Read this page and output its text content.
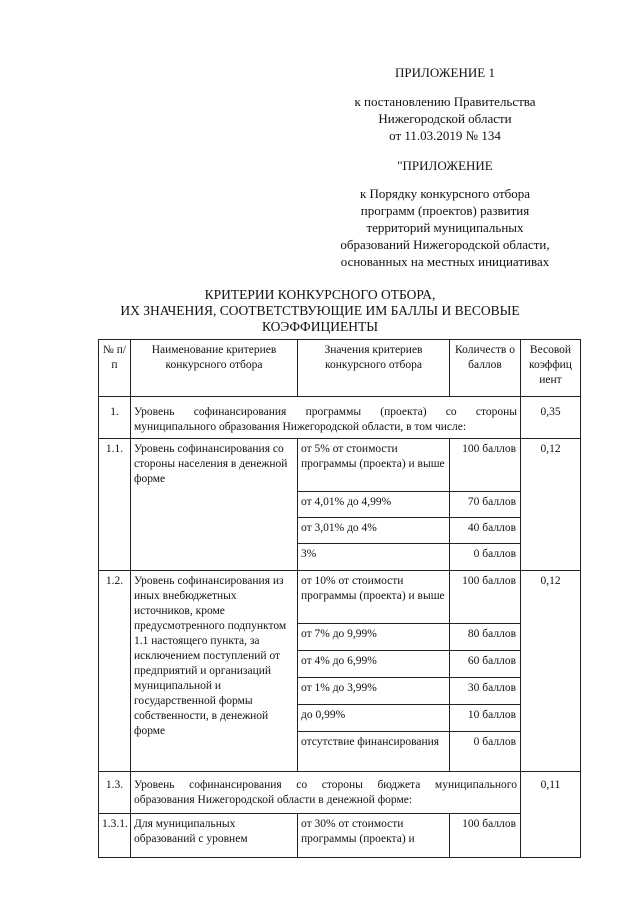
ПРИЛОЖЕНИЕ 1
к постановлению Правительства
Нижегородской области
от 11.03.2019 № 134
"ПРИЛОЖЕНИЕ
к Порядку конкурсного отбора
программ (проектов) развития
территорий муниципальных
образований Нижегородской области,
основанных на местных инициативах
КРИТЕРИИ КОНКУРСНОГО ОТБОРА,
ИХ ЗНАЧЕНИЯ, СООТВЕТСТВУЮЩИЕ ИМ БАЛЛЫ И ВЕСОВЫЕ
КОЭФФИЦИЕНТЫ
№ п/п	Наименование критериев конкурсного отбора	Значения критериев конкурсного отбора	Количеств о баллов	Весовой коэффиц иент
1.	Уровень софинансирования программы (проекта) со стороны муниципального образования Нижегородской области, в том числе:			0,35
1.1.	Уровень софинансирования со стороны населения в денежной форме	от 5% от стоимости программы (проекта) и выше	100 баллов	0,12
		от 4,01% до 4,99%	70 баллов	
		от 3,01% до 4%	40 баллов	
		3%	0 баллов	
1.2.	Уровень софинансирования из иных внебюджетных источников, кроме предусмотренного подпунктом 1.1 настоящего пункта, за исключением поступлений от предприятий и организаций муниципальной и государственной формы собственности, в денежной форме	от 10% от стоимости программы (проекта) и выше	100 баллов	0,12
		от 7% до 9,99%	80 баллов	
		от 4% до 6,99%	60 баллов	
		от 1% до 3,99%	30 баллов	
		до 0,99%	10 баллов	
		отсутствие финансирования	0 баллов	
1.3.	Уровень софинансирования со стороны бюджета муниципального образования Нижегородской области в денежной форме:			0,11
1.3.1.	Для муниципальных образований с уровнем	от 30% от стоимости программы (проекта) и	100 баллов	
